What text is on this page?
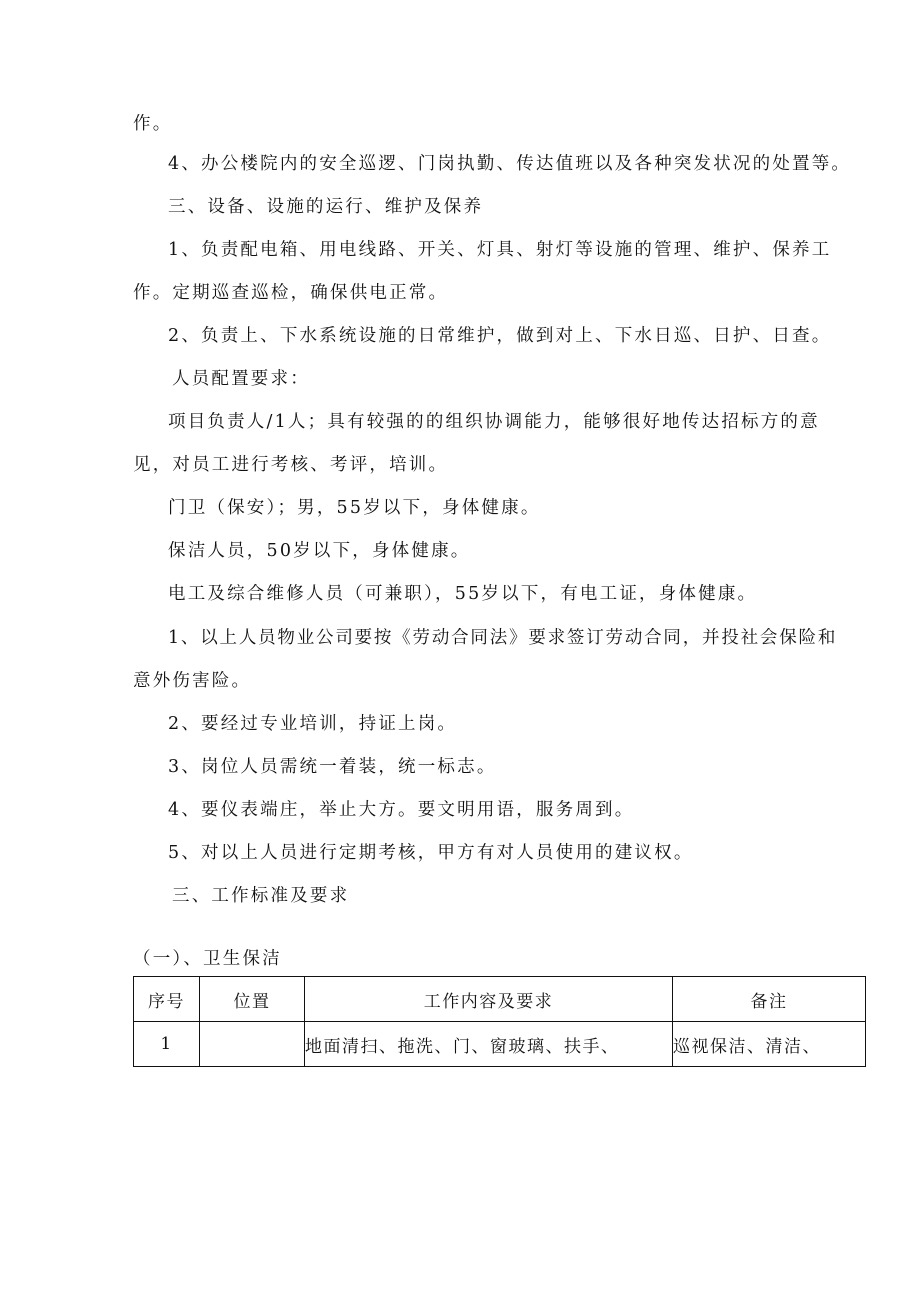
作。
4、办公楼院内的安全巡逻、门岗执勤、传达值班以及各种突发状况的处置等。
三、设备、设施的运行、维护及保养
1、负责配电箱、用电线路、开关、灯具、射灯等设施的管理、维护、保养工
作。定期巡查巡检，确保供电正常。
2、负责上、下水系统设施的日常维护，做到对上、下水日巡、日护、日查。
人员配置要求：
项目负责人/1人；具有较强的的组织协调能力，能够很好地传达招标方的意
见，对员工进行考核、考评，培训。
门卫（保安）；男，55岁以下，身体健康。
保洁人员，50岁以下，身体健康。
电工及综合维修人员（可兼职），55岁以下，有电工证，身体健康。
1、以上人员物业公司要按《劳动合同法》要求签订劳动合同，并投社会保险和
意外伤害险。
2、要经过专业培训，持证上岗。
3、岗位人员需统一着装，统一标志。
4、要仪表端庄，举止大方。要文明用语，服务周到。
5、对以上人员进行定期考核，甲方有对人员使用的建议权。
三、工作标准及要求
（一）、卫生保洁
序号	位置	工作内容及要求	备注
1		地面清扫、拖洗、门、窗玻璃、扶手、	巡视保洁、清洁、
